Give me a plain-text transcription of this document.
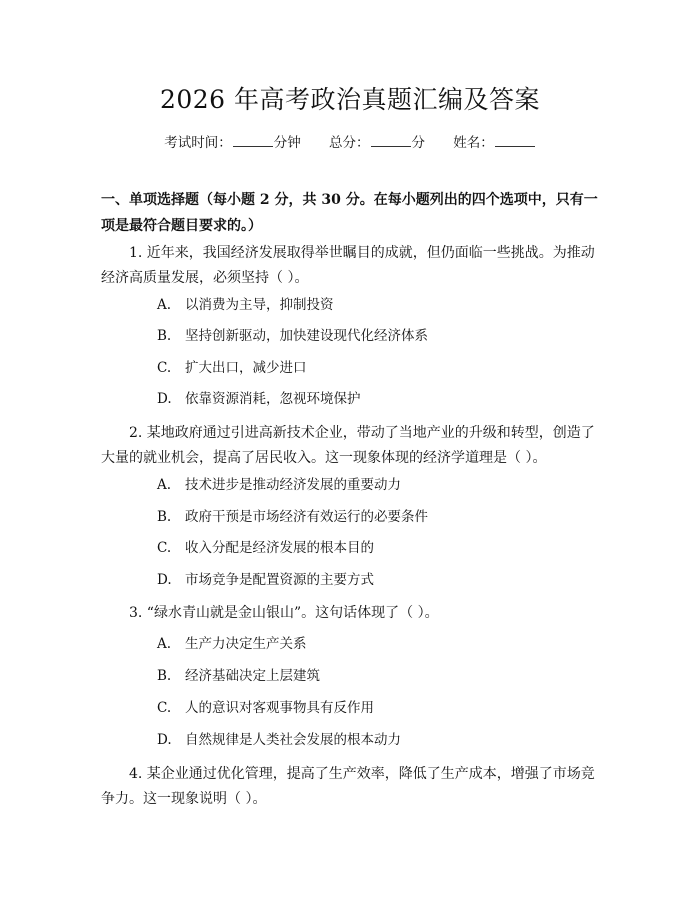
2026 年高考政治真题汇编及答案
考试时间：	分钟 总分：	分 姓名：
一、单项选择题（每小题 2 分，共 30 分。在每小题列出的四个选项中，只有一项是最符合题目要求的。）
1. 近年来，我国经济发展取得举世瞩目的成就，但仍面临一些挑战。为推动经济高质量发展，必须坚持（ ）。
A. 以消费为主导，抑制投资
B. 坚持创新驱动，加快建设现代化经济体系
C. 扩大出口，减少进口
D. 依靠资源消耗，忽视环境保护
2. 某地政府通过引进高新技术企业，带动了当地产业的升级和转型，创造了大量的就业机会，提高了居民收入。这一现象体现的经济学道理是（ ）。
A. 技术进步是推动经济发展的重要动力
B. 政府干预是市场经济有效运行的必要条件
C. 收入分配是经济发展的根本目的
D. 市场竞争是配置资源的主要方式
3. “绿水青山就是金山银山”。这句话体现了（ ）。
A. 生产力决定生产关系
B. 经济基础决定上层建筑
C. 人的意识对客观事物具有反作用
D. 自然规律是人类社会发展的根本动力
4. 某企业通过优化管理，提高了生产效率，降低了生产成本，增强了市场竞争力。这一现象说明（ ）。
